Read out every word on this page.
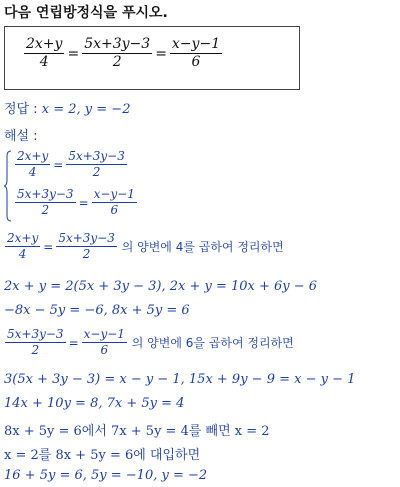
다음 연립방정식을 푸시오.
$\frac{2x+y}{4} = \frac{5x+3y-3}{2} = \frac{x-y-1}{6}$
정답 : x = 2, y = −2
해설 :
$\frac{2x+y}{4} = \frac{5x+3y-3}{2}$
$\frac{5x+3y-3}{2} = \frac{x-y-1}{6}$
$\frac{2x+y}{4} = \frac{5x+3y-3}{2}$ 의 양변에 4를 곱하여 정리하면
2x + y = 2(5x + 3y − 3), 2x + y = 10x + 6y − 6
−8x − 5y = −6, 8x + 5y = 6
$\frac{5x+3y-3}{2} = \frac{x-y-1}{6}$ 의 양변에 6을 곱하여 정리하면
3(5x + 3y − 3) = x − y − 1, 15x + 9y − 9 = x − y − 1
14x + 10y = 8, 7x + 5y = 4
8x + 5y = 6에서 7x + 5y = 4를 빼면 x = 2
x = 2를 8x + 5y = 6에 대입하면
16 + 5y = 6, 5y = −10, y = −2
